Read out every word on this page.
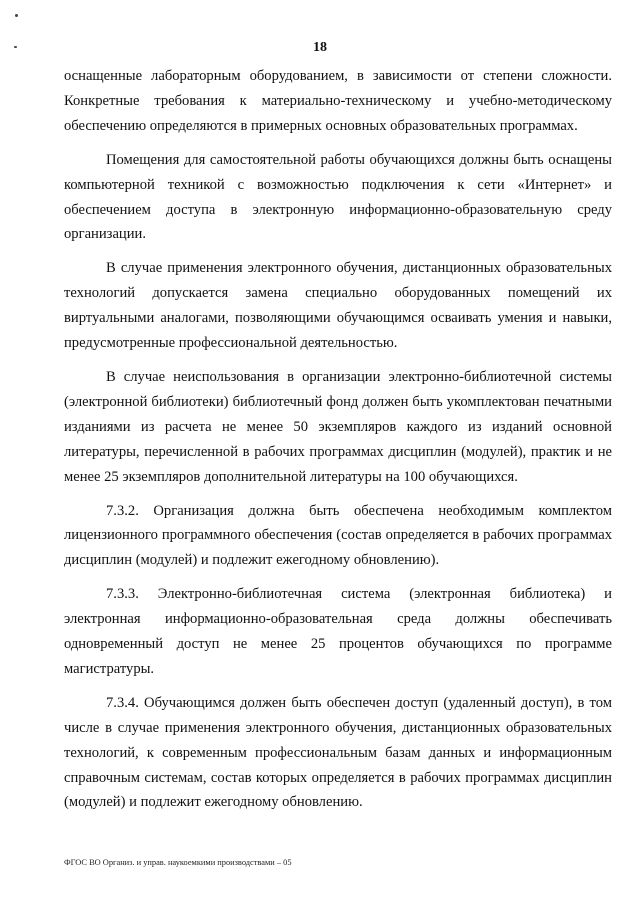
18

оснащенные лабораторным оборудованием, в зависимости от степени сложности. Конкретные требования к материально-техническому и учебно-методическому обеспечению определяются в примерных основных образовательных программах.

Помещения для самостоятельной работы обучающихся должны быть оснащены компьютерной техникой с возможностью подключения к сети «Интернет» и обеспечением доступа в электронную информационно-образовательную среду организации.

В случае применения электронного обучения, дистанционных образовательных технологий допускается замена специально оборудованных помещений их виртуальными аналогами, позволяющими обучающимся осваивать умения и навыки, предусмотренные профессиональной деятельностью.

В случае неиспользования в организации электронно-библиотечной системы (электронной библиотеки) библиотечный фонд должен быть укомплектован печатными изданиями из расчета не менее 50 экземпляров каждого из изданий основной литературы, перечисленной в рабочих программах дисциплин (модулей), практик и не менее 25 экземпляров дополнительной литературы на 100 обучающихся.

7.3.2. Организация должна быть обеспечена необходимым комплектом лицензионного программного обеспечения (состав определяется в рабочих программах дисциплин (модулей) и подлежит ежегодному обновлению).

7.3.3. Электронно-библиотечная система (электронная библиотека) и электронная информационно-образовательная среда должны обеспечивать одновременный доступ не менее 25 процентов обучающихся по программе магистратуры.

7.3.4. Обучающимся должен быть обеспечен доступ (удаленный доступ), в том числе в случае применения электронного обучения, дистанционных образовательных технологий, к современным профессиональным базам данных и информационным справочным системам, состав которых определяется в рабочих программах дисциплин (модулей) и подлежит ежегодному обновлению.

ФГОС ВО Организ. и управ. наукоемкими производствами – 05
